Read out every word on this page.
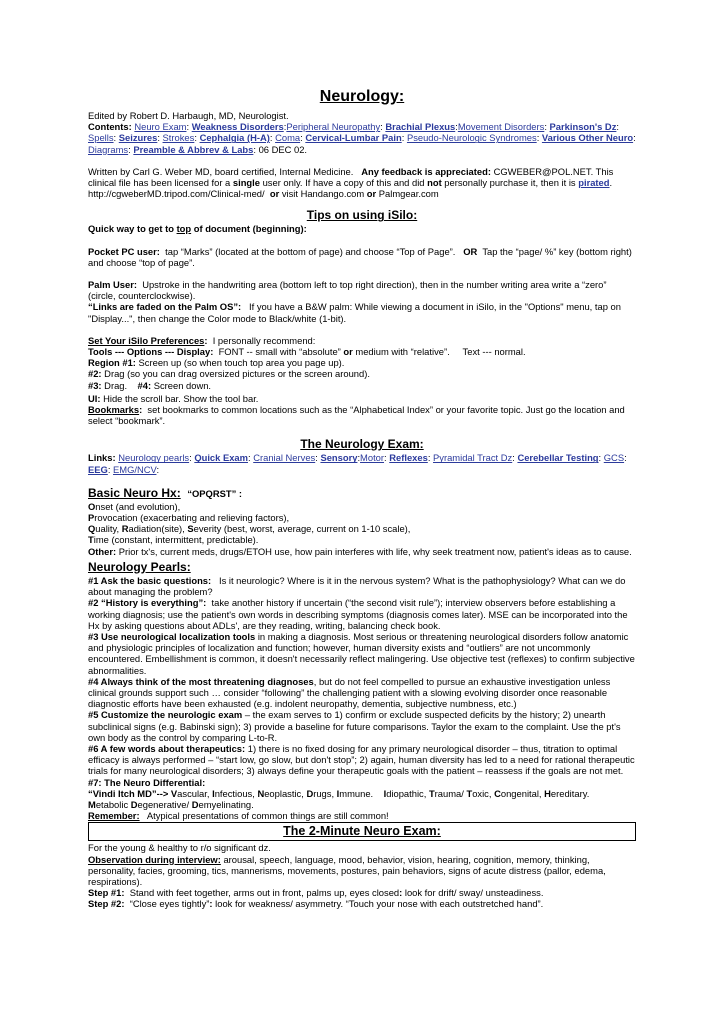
Neurology:

Edited by Robert D. Harbaugh, MD, Neurologist.

Contents: Neuro Exam: Weakness Disorders:Peripheral Neuropathy: Brachial Plexus:Movement Disorders: Parkinson's Dz: Spells: Seizures: Strokes: Cephalgia (H-A): Coma: Cervical-Lumbar Pain: Pseudo-Neurologic Syndromes: Various Other Neuro: Diagrams: Preamble & Abbrev & Labs: 06 DEC 02.

Written by Carl G. Weber MD, board certified, Internal Medicine. Any feedback is appreciated: CGWEBER@POL.NET. This clinical file has been licensed for a single user only. If have a copy of this and did not personally purchase it, then it is pirated.

http://cgweberMD.tripod.com/Clinical-med/ or visit Handango.com or Palmgear.com

Tips on using iSilo:

Quick way to get to top of document (beginning):

Pocket PC user: tap “Marks” (located at the bottom of page) and choose “Top of Page”. OR Tap the “page/ %” key (bottom right) and choose “top of page”.

Palm User: Upstroke in the handwriting area (bottom left to top right direction), then in the number writing area write a “zero” (circle, counterclockwise).

“Links are faded on the Palm OS”: If you have a B&W palm: While viewing a document in iSilo, in the "Options" menu, tap on "Display...", then change the Color mode to Black/white (1-bit).

Set Your iSilo Preferences: I personally recommend:

Tools --- Options --- Display: FONT -- small with “absolute” or medium with “relative”.     Text --- normal.

Region #1: Screen up (so when touch top area you page up).

#2: Drag (so you can drag oversized pictures or the screen around).

#3: Drag. #4: Screen down.

UI: Hide the scroll bar. Show the tool bar.

Bookmarks: set bookmarks to common locations such as the “Alphabetical Index” or your favorite topic. Just go the location and select “bookmark”.

The Neurology Exam:

Links: Neurology pearls: Quick Exam: Cranial Nerves: Sensory:Motor: Reflexes: Pyramidal Tract Dz: Cerebellar Testing: GCS: EEG: EMG/NCV:

Basic Neuro Hx: “OPQRST” :

Onset (and evolution),

Provocation (exacerbating and relieving factors),

Quality, Radiation(site), Severity (best, worst, average, current on 1-10 scale),

Time (constant, intermittent, predictable).

Other: Prior tx's, current meds, drugs/ETOH use, how pain interferes with life, why seek treatment now, patient's ideas as to cause.

Neurology Pearls:

#1 Ask the basic questions: Is it neurologic? Where is it in the nervous system? What is the pathophysiology? What can we do about managing the problem?

#2 “History is everything”: take another history if uncertain (“the second visit rule”); interview observers before establishing a working diagnosis; use the patient's own words in describing symptoms (diagnosis comes later). MSE can be incorporated into the Hx by asking questions about ADLs', are they reading, writing, balancing check book.

#3 Use neurological localization tools in making a diagnosis. Most serious or threatening neurological disorders follow anatomic and physiologic principles of localization and function; however, human diversity exists and “outliers” are not uncommonly encountered. Embellishment is common, it doesn't necessarily reflect malingering. Use objective test (reflexes) to confirm subjective abnormalities.

#4 Always think of the most threatening diagnoses, but do not feel compelled to pursue an exhaustive investigation unless clinical grounds support such … consider “following” the challenging patient with a slowing evolving disorder once reasonable diagnostic efforts have been exhausted (e.g. indolent neuropathy, dementia, subjective numbness, etc.)

#5 Customize the neurologic exam – the exam serves to 1) confirm or exclude suspected deficits by the history; 2) unearth subclinical signs (e.g. Babinski sign); 3) provide a baseline for future comparisons. Taylor the exam to the complaint. Use the pt's own body as the control by comparing L-to-R.

#6 A few words about therapeutics: 1) there is no fixed dosing for any primary neurological disorder – thus, titration to optimal efficacy is always performed – “start low, go slow, but don't stop”; 2) again, human diversity has led to a need for rational therapeutic trials for many neurological disorders; 3) always define your therapeutic goals with the patient – reassess if the goals are not met.

#7: The Neuro Differential:

“Vindi Itch MD”--> Vascular, Infectious, Neoplastic, Drugs, Immune.    Idiopathic, Trauma/ Toxic, Congenital, Hereditary.

Metabolic Degenerative/ Demyelinating.

Remember: Atypical presentations of common things are still common!

The 2-Minute Neuro Exam:

For the young & healthy to r/o significant dz.

Observation during interview: arousal, speech, language, mood, behavior, vision, hearing, cognition, memory, thinking, personality, facies, grooming, tics, mannerisms, movements, postures, pain behaviors, signs of acute distress (pallor, edema, respirations).

Step #1: Stand with feet together, arms out in front, palms up, eyes closed: look for drift/ sway/ unsteadiness.

Step #2: “Close eyes tightly”: look for weakness/ asymmetry. “Touch your nose with each outstretched hand”.
